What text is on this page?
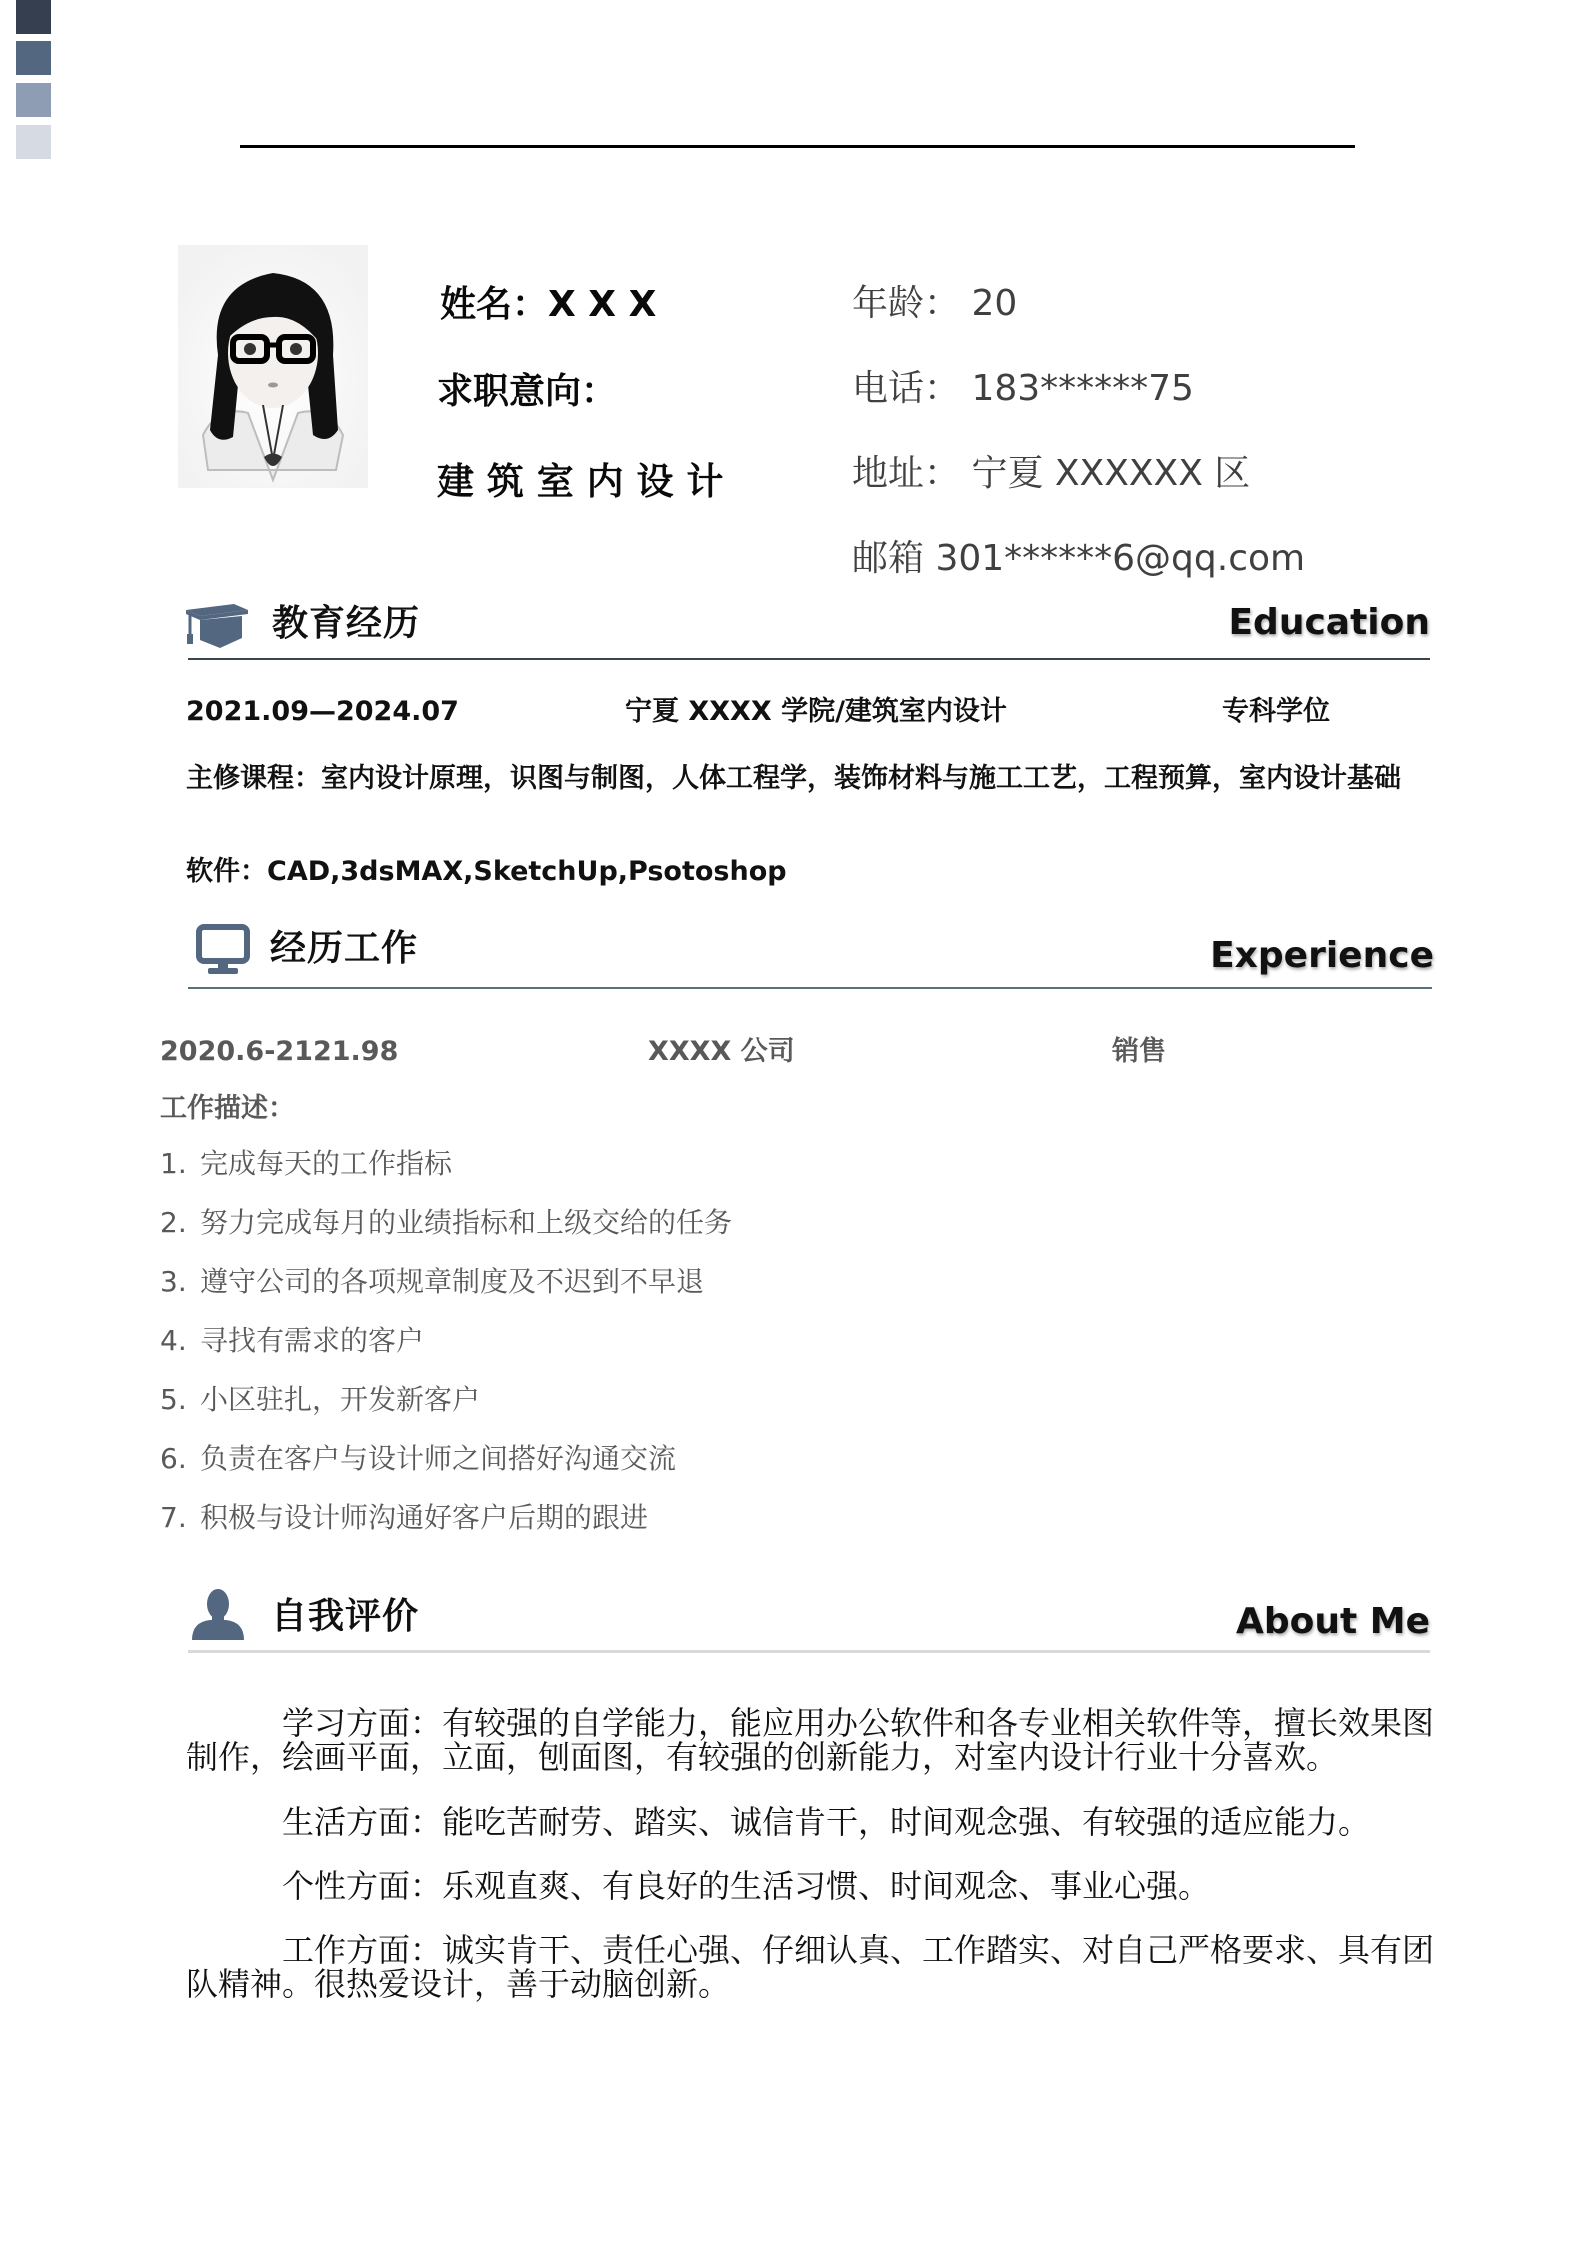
姓名：X X X
求职意向：
建 筑 室 内 设 计
年龄： 20
电话： 183******75
地址： 宁夏 XXXXXX 区
邮箱 301******6@qq.com
教育经历	Education
2021.09—2024.07	宁夏 XXXX 学院/建筑室内设计	专科学位
主修课程：室内设计原理，识图与制图，人体工程学，装饰材料与施工工艺，工程预算，室内设计基础
软件：CAD,3dsMAX,SketchUp,Psotoshop
经历工作	Experience
2020.6-2121.98	XXXX 公司	销售
工作描述：
1. 完成每天的工作指标
2. 努力完成每月的业绩指标和上级交给的任务
3. 遵守公司的各项规章制度及不迟到不早退
4. 寻找有需求的客户
5. 小区驻扎，开发新客户
6. 负责在客户与设计师之间搭好沟通交流
7. 积极与设计师沟通好客户后期的跟进
自我评价	About Me
学习方面：有较强的自学能力，能应用办公软件和各专业相关软件等，擅长效果图制作，绘画平面，立面，刨面图，有较强的创新能力，对室内设计行业十分喜欢。
生活方面：能吃苦耐劳、踏实、诚信肯干，时间观念强、有较强的适应能力。
个性方面：乐观直爽、有良好的生活习惯、时间观念、事业心强。
工作方面：诚实肯干、责任心强、仔细认真、工作踏实、对自己严格要求、具有团队精神。很热爱设计，善于动脑创新。
